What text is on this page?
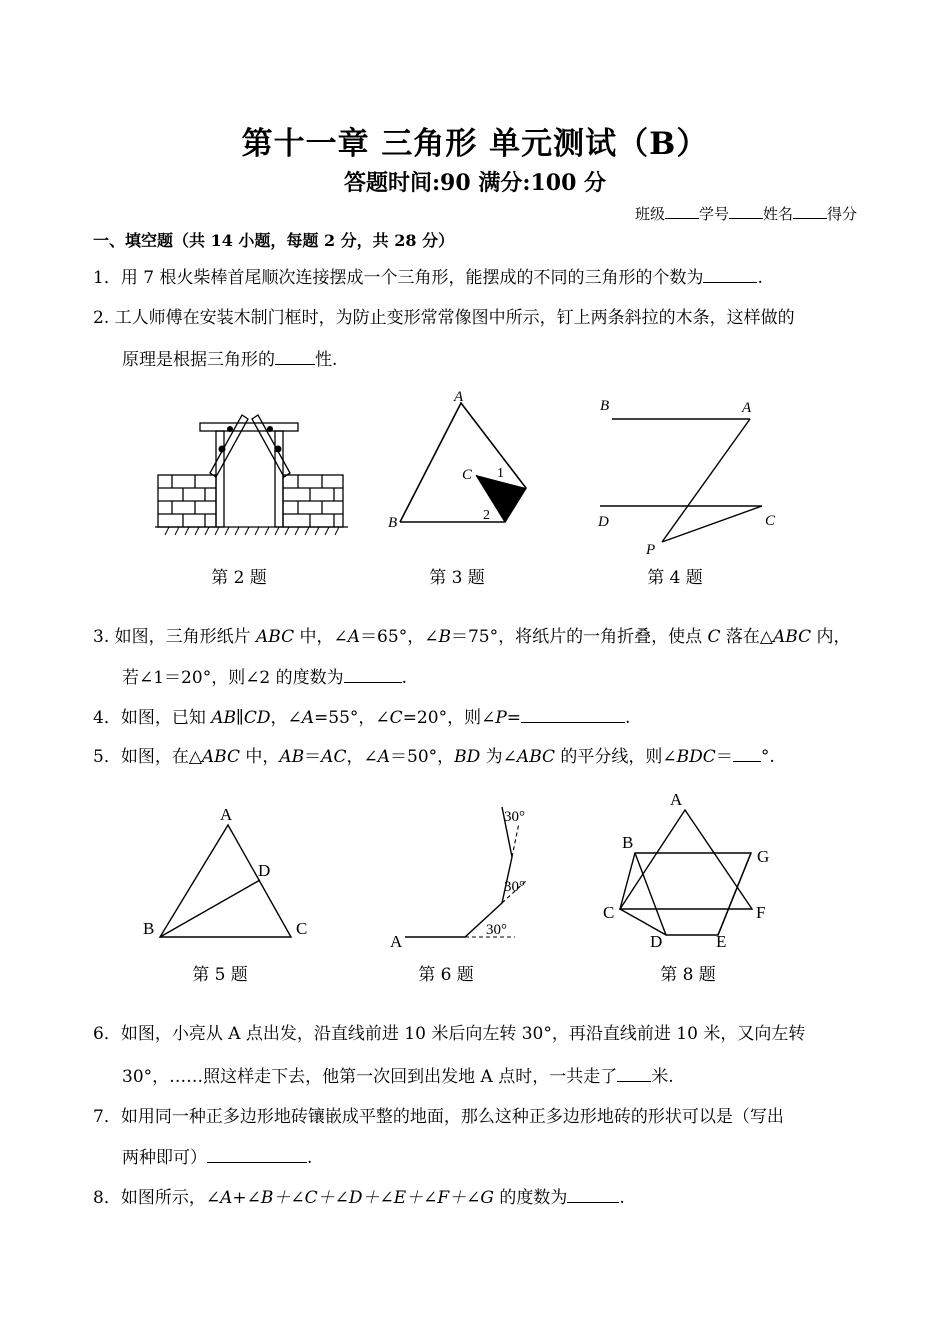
第十一章 三角形 单元测试（B）
答题时间:90 满分:100 分
班级 学号 姓名 得分
一、填空题（共 14 小题，每题 2 分，共 28 分）
1．用 7 根火柴棒首尾顺次连接摆成一个三角形，能摆成的不同的三角形的个数为	.
2. 工人师傅在安装木制门框时，为防止变形常常像图中所示，钉上两条斜拉的木条，这样做的
原理是根据三角形的 性.
第 2 题
A
B
C 1
2
第 3 题
B	A
D	C
P
第 4 题
3. 如图，三角形纸片 ABC 中，∠A＝65°，∠B＝75°，将纸片的一角折叠，使点 C 落在△ABC 内，
若∠1＝20°，则∠2 的度数为	.
4．如图，已知 AB∥CD，∠A=55°，∠C=20°，则∠P=	.
5．如图，在△ABC 中，AB＝AC，∠A＝50°，BD 为∠ABC 的平分线，则∠BDC＝ °.
A
B	C
D
第 5 题
A
30°
30°
30°
第 6 题
A
B
G
C	F
D	E
第 8 题
6．如图，小亮从 A 点出发，沿直线前进 10 米后向左转 30°，再沿直线前进 10 米，又向左转
30°，……照这样走下去，他第一次回到出发地 A 点时，一共走了 米.
7．如用同一种正多边形地砖镶嵌成平整的地面，那么这种正多边形地砖的形状可以是（写出
两种即可）	.
8．如图所示，∠A+∠B＋∠C＋∠D＋∠E＋∠F＋∠G 的度数为	.
